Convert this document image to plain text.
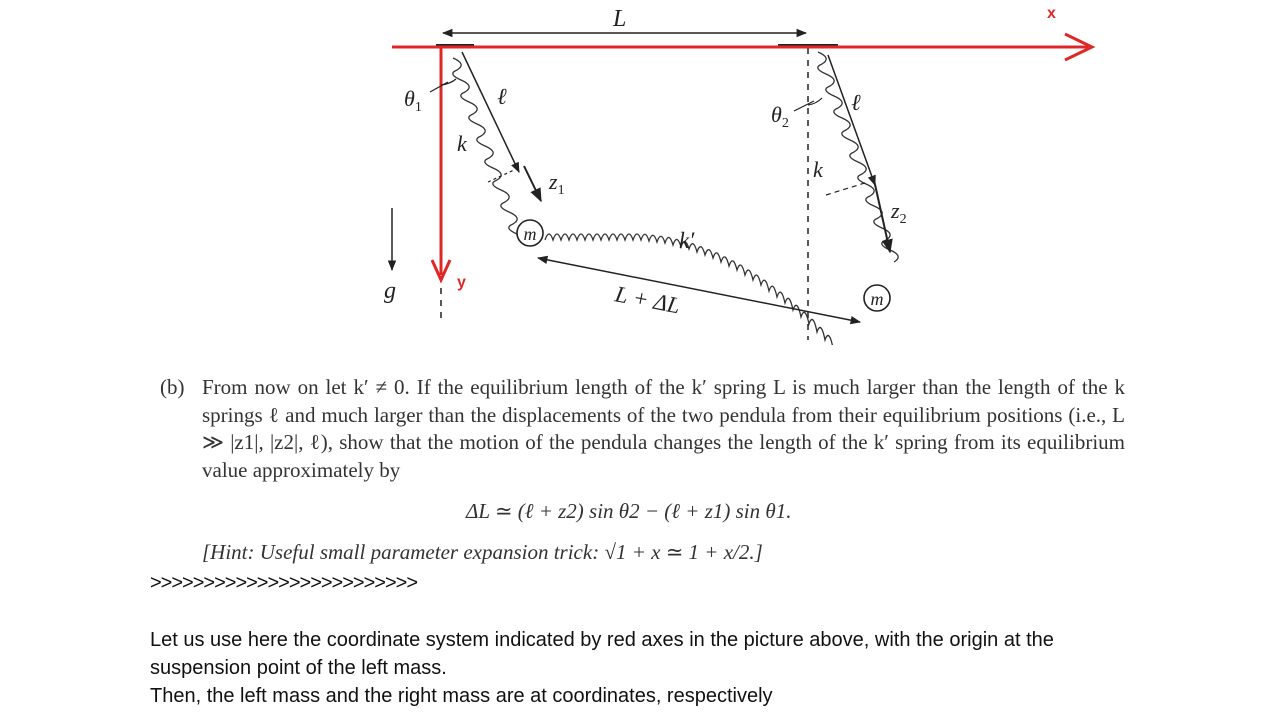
L
m
m
g
x
y
$\theta_1$	ℓ
k
$z_1$
$\theta_2$
ℓ
k
$z_2$
k′
L + ΔL
(b) From now on let k′ ≠ 0. If the equilibrium length of the k′ spring L is much larger than the length of the k springs ℓ and much larger than the displacements of the two pendula from their equilibrium positions (i.e., L ≫ |z1|, |z2|, ℓ), show that the motion of the pendula changes the length of the k′ spring from its equilibrium value approximately by
ΔL ≃ (ℓ + z2) sin θ2 − (ℓ + z1) sin θ1.
[Hint: Useful small parameter expansion trick: √1 + x ≃ 1 + x/2.]
>>>>>>>>>>>>>>>>>>>>>>>>>

Let us use here the coordinate system indicated by red axes in the picture above, with the origin at the suspension point of the left mass.

Then, the left mass and the right mass are at coordinates, respectively
